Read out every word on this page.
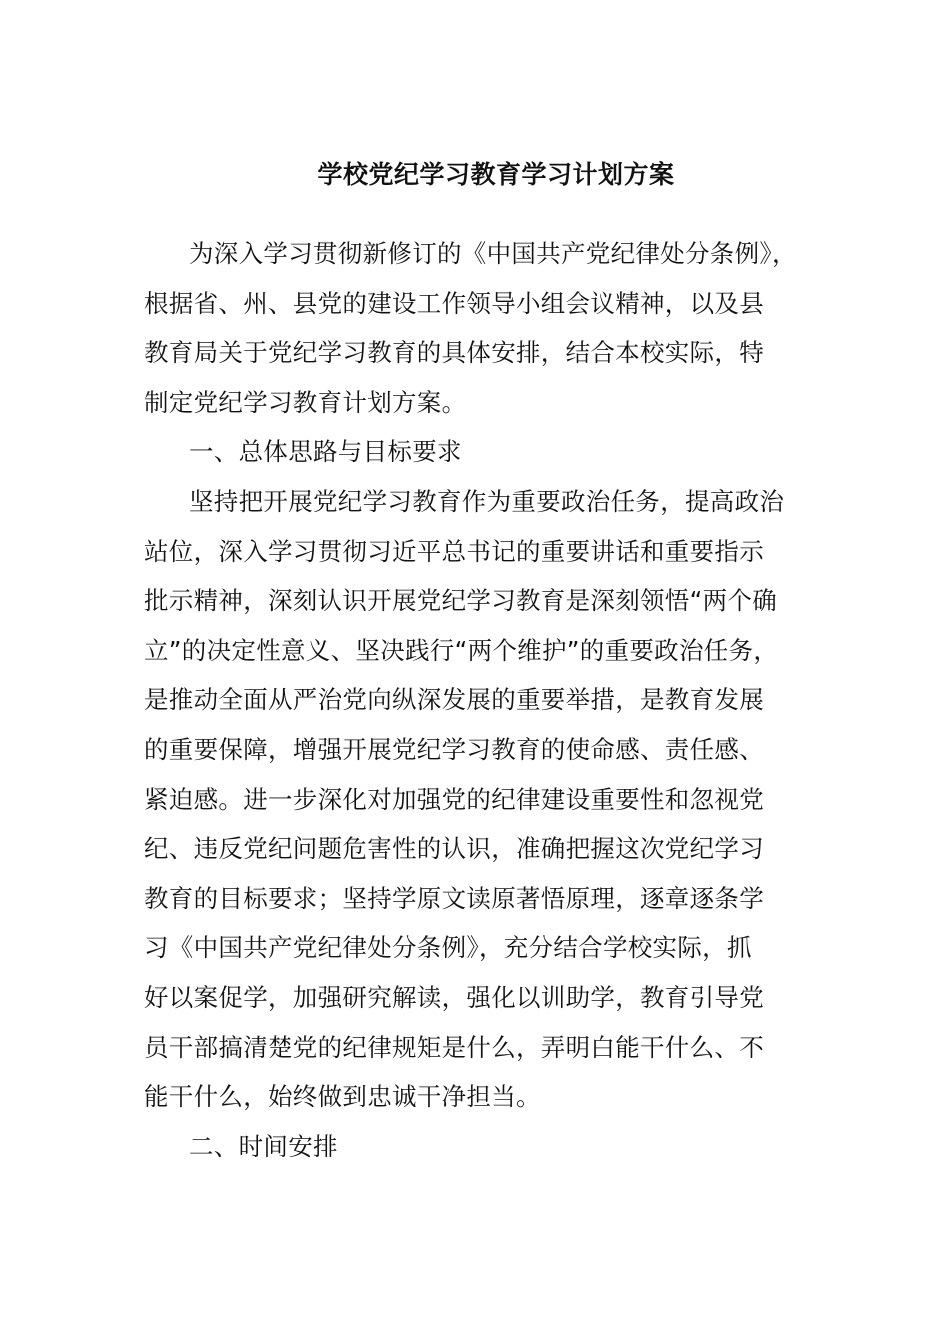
学校党纪学习教育学习计划方案
为深入学习贯彻新修订的《中国共产党纪律处分条例》，
根据省、州、县党的建设工作领导小组会议精神，以及县
教育局关于党纪学习教育的具体安排，结合本校实际，特
制定党纪学习教育计划方案。
一、总体思路与目标要求
坚持把开展党纪学习教育作为重要政治任务，提高政治
站位，深入学习贯彻习近平总书记的重要讲话和重要指示
批示精神，深刻认识开展党纪学习教育是深刻领悟“两个确
立”的决定性意义、坚决践行“两个维护”的重要政治任务，
是推动全面从严治党向纵深发展的重要举措，是教育发展
的重要保障，增强开展党纪学习教育的使命感、责任感、
紧迫感。进一步深化对加强党的纪律建设重要性和忽视党
纪、违反党纪问题危害性的认识，准确把握这次党纪学习
教育的目标要求；坚持学原文读原著悟原理，逐章逐条学
习《中国共产党纪律处分条例》，充分结合学校实际，抓
好以案促学，加强研究解读，强化以训助学，教育引导党
员干部搞清楚党的纪律规矩是什么，弄明白能干什么、不
能干什么，始终做到忠诚干净担当。
二、时间安排
